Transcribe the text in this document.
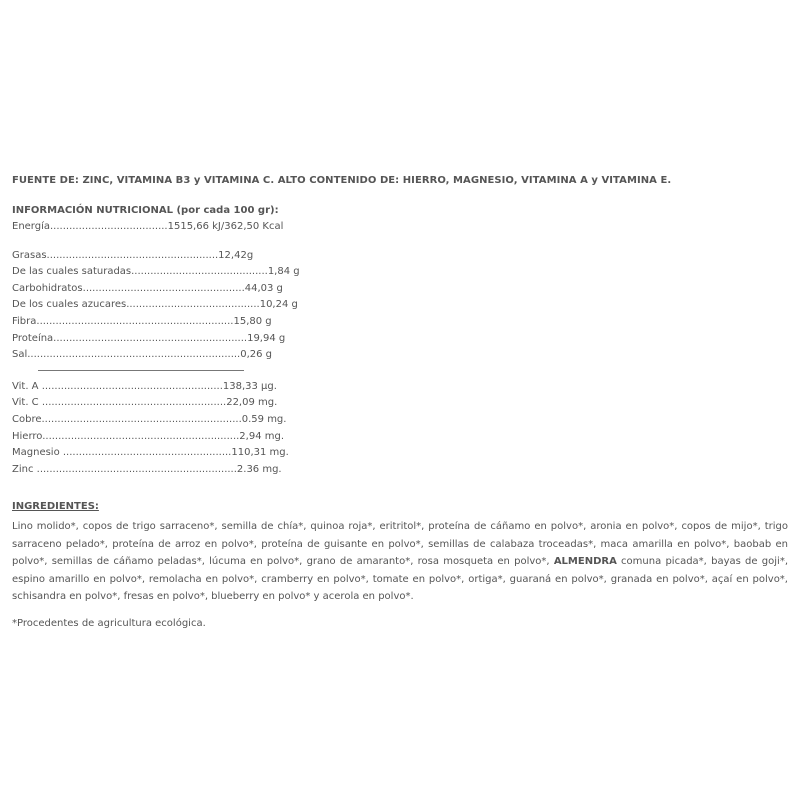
FUENTE DE: ZINC, VITAMINA B3 y VITAMINA C. ALTO CONTENIDO DE: HIERRO, MAGNESIO, VITAMINA A y VITAMINA E.

INFORMACIÓN NUTRICIONAL (por cada 100 gr):
Energía.....................................1515,66 kJ/362,50 Kcal
Grasas......................................................12,42g
De las cuales saturadas...........................................1,84 g
Carbohidratos...................................................44,03 g
De los cuales azucares..........................................10,24 g
Fibra..............................................................15,80 g
Proteína.............................................................19,94 g
Sal...................................................................0,26 g
Vit. A .........................................................138,33 μg.
Vit. C ..........................................................22,09 mg.
Cobre...............................................................0.59 mg.
Hierro..............................................................2,94 mg.
Magnesio .....................................................110,31 mg.
Zinc ...............................................................2.36 mg.
INGREDIENTES:

Lino molido*, copos de trigo sarraceno*, semilla de chía*, quinoa roja*, eritritol*, proteína de cáñamo en polvo*, aronia en polvo*, copos de mijo*, trigo sarraceno pelado*, proteína de arroz en polvo*, proteína de guisante en polvo*, semillas de calabaza troceadas*, maca amarilla en polvo*, baobab en polvo*, semillas de cáñamo peladas*, lúcuma en polvo*, grano de amaranto*, rosa mosqueta en polvo*, ALMENDRA comuna picada*, bayas de goji*, espino amarillo en polvo*, remolacha en polvo*, cramberry en polvo*, tomate en polvo*, ortiga*, guaraná en polvo*, granada en polvo*, açaí en polvo*, schisandra en polvo*, fresas en polvo*, blueberry en polvo* y acerola en polvo*.

*Procedentes de agricultura ecológica.
